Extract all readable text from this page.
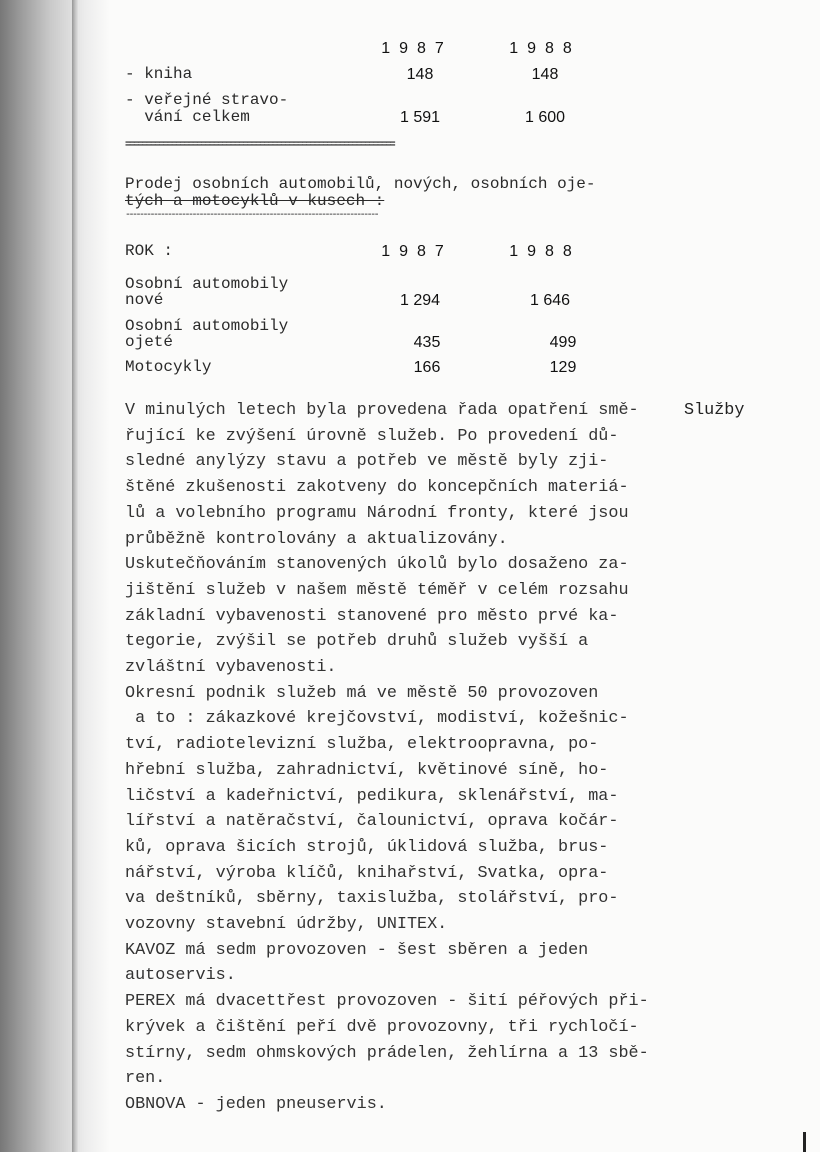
1987	1988
- kniha	148	148
- veřejné stravo-
vání celkem	1 591	1 600
================================================================
Prodej osobních automobilů, nových, osobních oje-
tých a motocyklů v kusech :
------------------------------------------------------------------------
ROK :	1987	1988
Osobní automobily
nové	1 294	1 646
Osobní automobily
ojeté	435	499
Motocykly	166	129
Služby
V minulých letech byla provedena řada opatření smě-
řující ke zvýšení úrovně služeb. Po provedení dů-
sledné anylýzy stavu a potřeb ve městě byly zji-
štěné zkušenosti zakotveny do koncepčních materiá-
lů a volebního programu Národní fronty, které jsou
průběžně kontrolovány a aktualizovány.
Uskutečňováním stanovených úkolů bylo dosaženo za-
jištění služeb v našem městě téměř v celém rozsahu
základní vybavenosti stanovené pro město prvé ka-
tegorie, zvýšil se potřeb druhů služeb vyšší a
zvláštní vybavenosti.
Okresní podnik služeb má ve městě 50 provozoven
a to : zákazkové krejčovství, modiství, kožešnic-
tví, radiotelevizní služba, elektroopravna, po-
hřební služba, zahradnictví, květinové síně, ho-
ličství a kadeřnictví, pedikura, sklenářství, ma-
lířství a natěračství, čalounictví, oprava kočár-
ků, oprava šicích strojů, úklidová služba, brus-
nářství, výroba klíčů, knihařství, Svatka, opra-
va deštníků, sběrny, taxislužba, stolářství, pro-
vozovny stavební údržby, UNITEX.
KAVOZ má sedm provozoven - šest sběren a jeden
autoservis.
PEREX má dvacettřest provozoven - šití péřových při-
krývek a čištění peří dvě provozovny, tři rychločí-
stírny, sedm ohmskových prádelen, žehlírna a 13 sbě-
ren.
OBNOVA - jeden pneuservis.
